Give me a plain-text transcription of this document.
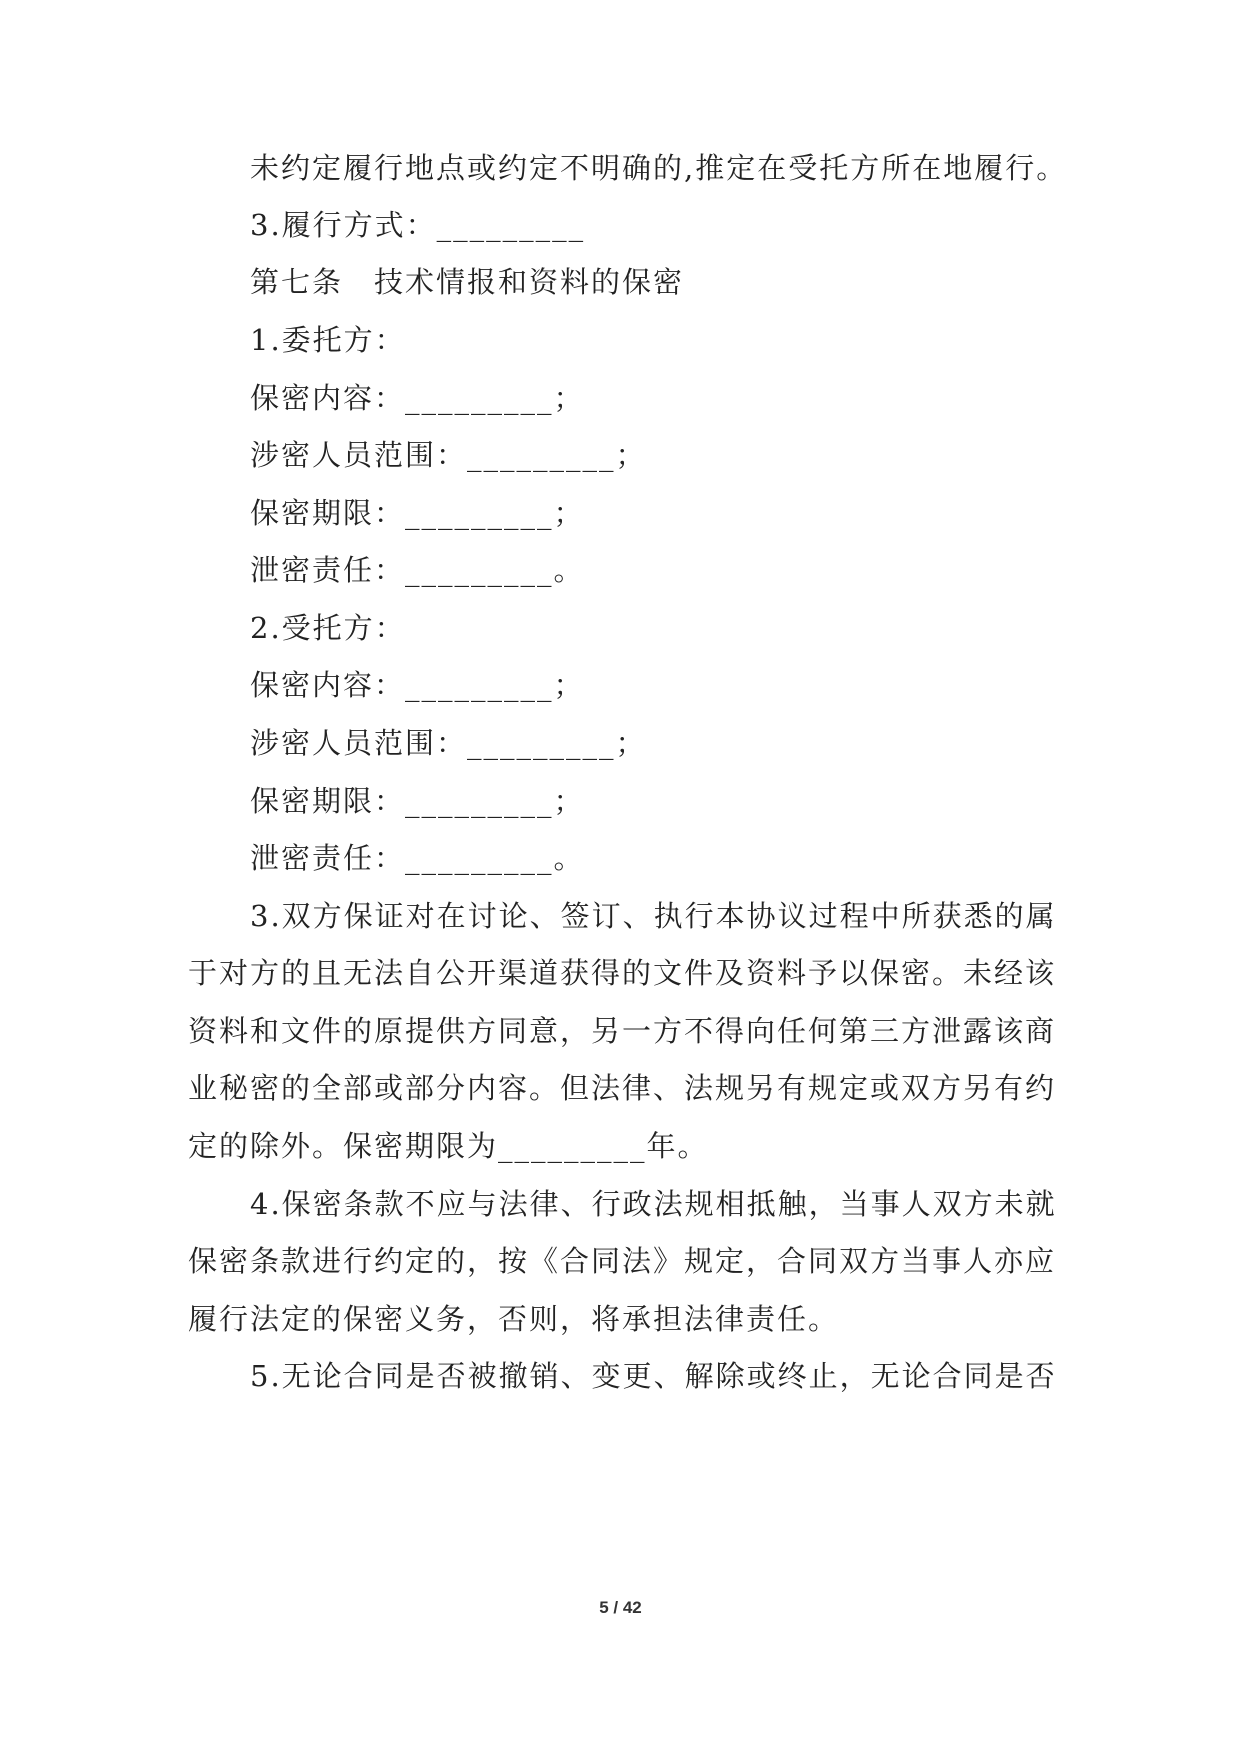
未约定履行地点或约定不明确的,推定在受托方所在地履行。
3.履行方式：_________
第七条　技术情报和资料的保密
1.委托方：
保密内容：_________；
涉密人员范围：_________；
保密期限：_________；
泄密责任：_________。
2.受托方：
保密内容：_________；
涉密人员范围：_________；
保密期限：_________；
泄密责任：_________。
3.双方保证对在讨论、签订、执行本协议过程中所获悉的属
于对方的且无法自公开渠道获得的文件及资料予以保密。未经该
资料和文件的原提供方同意，另一方不得向任何第三方泄露该商
业秘密的全部或部分内容。但法律、法规另有规定或双方另有约
定的除外。保密期限为_________年。
4.保密条款不应与法律、行政法规相抵触，当事人双方未就
保密条款进行约定的，按《合同法》规定，合同双方当事人亦应
履行法定的保密义务，否则，将承担法律责任。
5.无论合同是否被撤销、变更、解除或终止，无论合同是否
5 / 42
